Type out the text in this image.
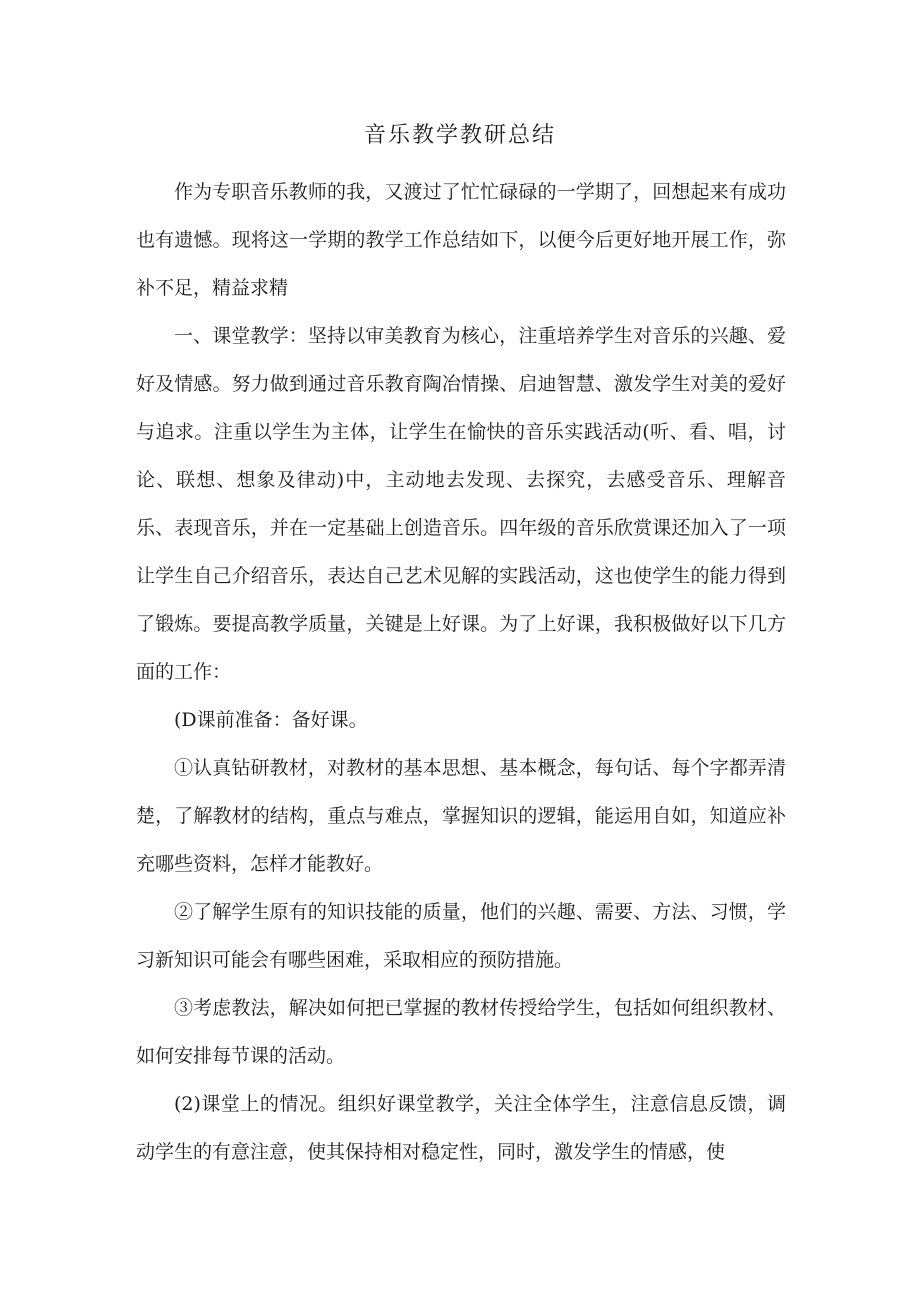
音乐教学教研总结

作为专职音乐教师的我，又渡过了忙忙碌碌的一学期了，回想起来有成功也有遗憾。现将这一学期的教学工作总结如下，以便今后更好地开展工作，弥补不足，精益求精

一、课堂教学：坚持以审美教育为核心，注重培养学生对音乐的兴趣、爱好及情感。努力做到通过音乐教育陶冶情操、启迪智慧、激发学生对美的爱好与追求。注重以学生为主体，让学生在愉快的音乐实践活动(听、看、唱，讨论、联想、想象及律动)中，主动地去发现、去探究，去感受音乐、理解音乐、表现音乐，并在一定基础上创造音乐。四年级的音乐欣赏课还加入了一项让学生自己介绍音乐，表达自己艺术见解的实践活动，这也使学生的能力得到了锻炼。要提高教学质量，关键是上好课。为了上好课，我积极做好以下几方面的工作：

(D课前准备：备好课。

①认真钻研教材，对教材的基本思想、基本概念，每句话、每个字都弄清楚，了解教材的结构，重点与难点，掌握知识的逻辑，能运用自如，知道应补充哪些资料，怎样才能教好。

②了解学生原有的知识技能的质量，他们的兴趣、需要、方法、习惯，学习新知识可能会有哪些困难，采取相应的预防措施。

③考虑教法，解决如何把已掌握的教材传授给学生，包括如何组织教材、如何安排每节课的活动。

(2)课堂上的情况。组织好课堂教学，关注全体学生，注意信息反馈，调动学生的有意注意，使其保持相对稳定性，同时，激发学生的情感，使
